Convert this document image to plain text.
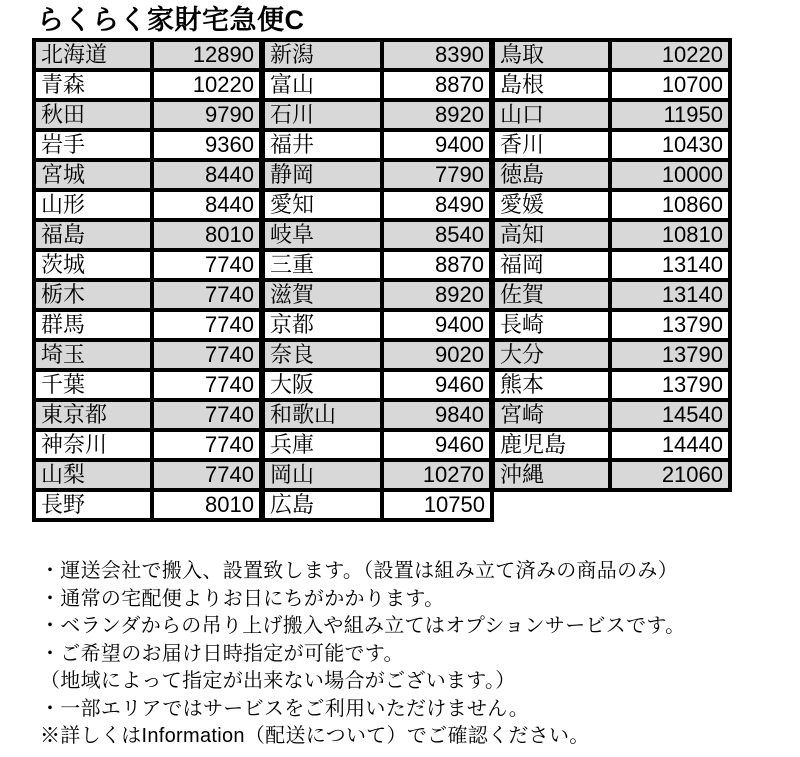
らくらく家財宅急便C
北海道	12890	新潟	8390	鳥取	10220
青森	10220	富山	8870	島根	10700
秋田	9790	石川	8920	山口	11950
岩手	9360	福井	9400	香川	10430
宮城	8440	静岡	7790	徳島	10000
山形	8440	愛知	8490	愛媛	10860
福島	8010	岐阜	8540	高知	10810
茨城	7740	三重	8870	福岡	13140
栃木	7740	滋賀	8920	佐賀	13140
群馬	7740	京都	9400	長崎	13790
埼玉	7740	奈良	9020	大分	13790
千葉	7740	大阪	9460	熊本	13790
東京都	7740	和歌山	9840	宮崎	14540
神奈川	7740	兵庫	9460	鹿児島	14440
山梨	7740	岡山	10270	沖縄	21060
長野	8010	広島	10750		
・運送会社で搬入、設置致します。（設置は組み立て済みの商品のみ）
・通常の宅配便よりお日にちがかかります。
・ベランダからの吊り上げ搬入や組み立てはオプションサービスです。
・ご希望のお届け日時指定が可能です。
（地域によって指定が出来ない場合がございます。）
・一部エリアではサービスをご利用いただけません。
※詳しくはInformation（配送について）でご確認ください。
